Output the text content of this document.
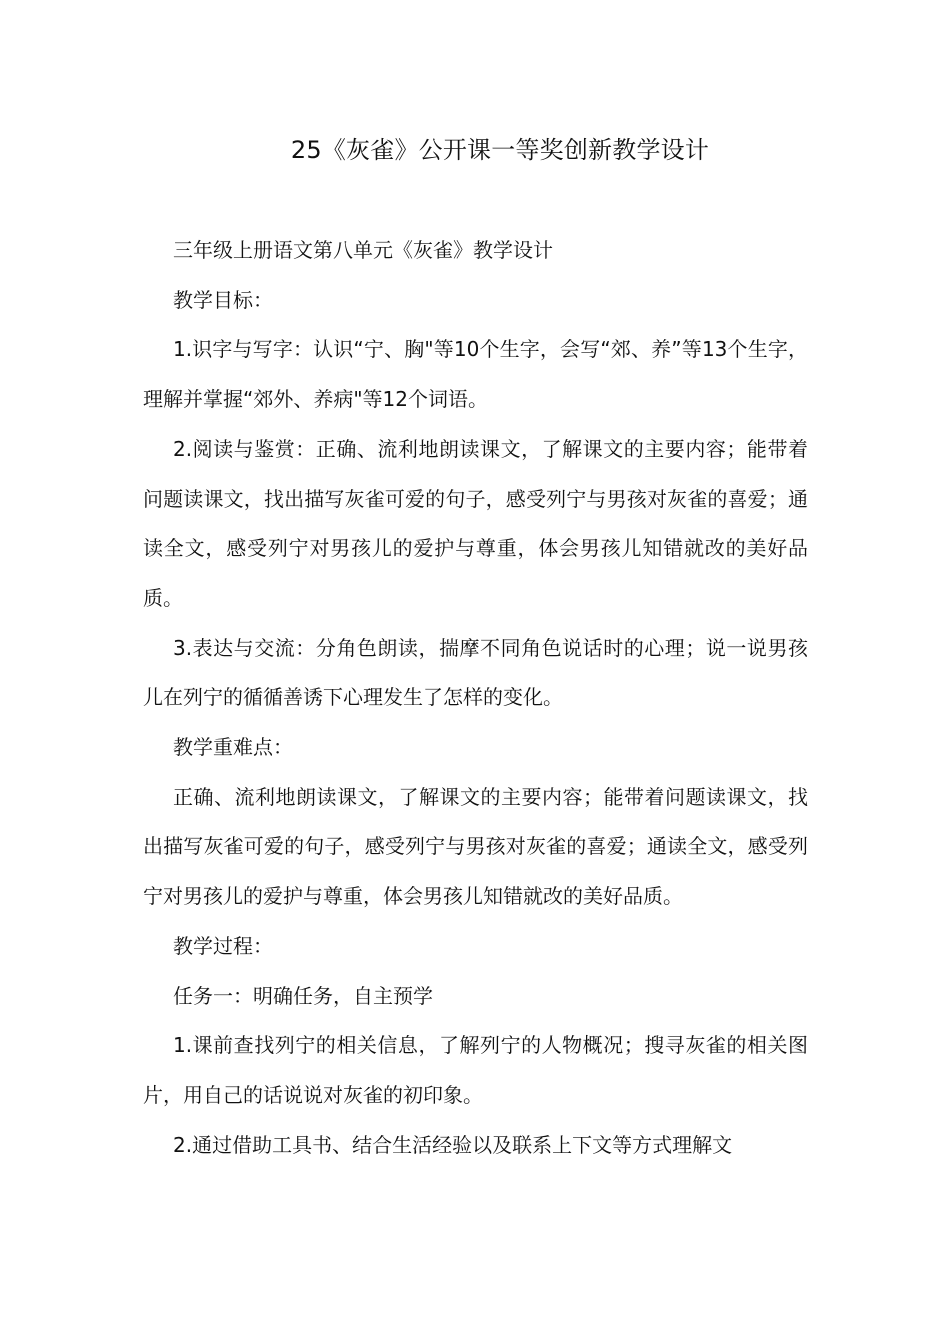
25《灰雀》公开课一等奖创新教学设计

三年级上册语文第八单元《灰雀》教学设计

教学目标：

1.识字与写字：认识“宁、胸"等10个生字，会写“郊、养”等13个生字，理解并掌握“郊外、养病"等12个词语。

2.阅读与鉴赏：正确、流利地朗读课文，了解课文的主要内容；能带着问题读课文，找出描写灰雀可爱的句子，感受列宁与男孩对灰雀的喜爱；通读全文，感受列宁对男孩儿的爱护与尊重，体会男孩儿知错就改的美好品质。

3.表达与交流：分角色朗读，揣摩不同角色说话时的心理；说一说男孩儿在列宁的循循善诱下心理发生了怎样的变化。

教学重难点：

正确、流利地朗读课文，了解课文的主要内容；能带着问题读课文，找出描写灰雀可爱的句子，感受列宁与男孩对灰雀的喜爱；通读全文，感受列宁对男孩儿的爱护与尊重，体会男孩儿知错就改的美好品质。

教学过程：

任务一：明确任务，自主预学

1.课前查找列宁的相关信息，了解列宁的人物概况；搜寻灰雀的相关图片，用自己的话说说对灰雀的初印象。

2.通过借助工具书、结合生活经验以及联系上下文等方式理解文
